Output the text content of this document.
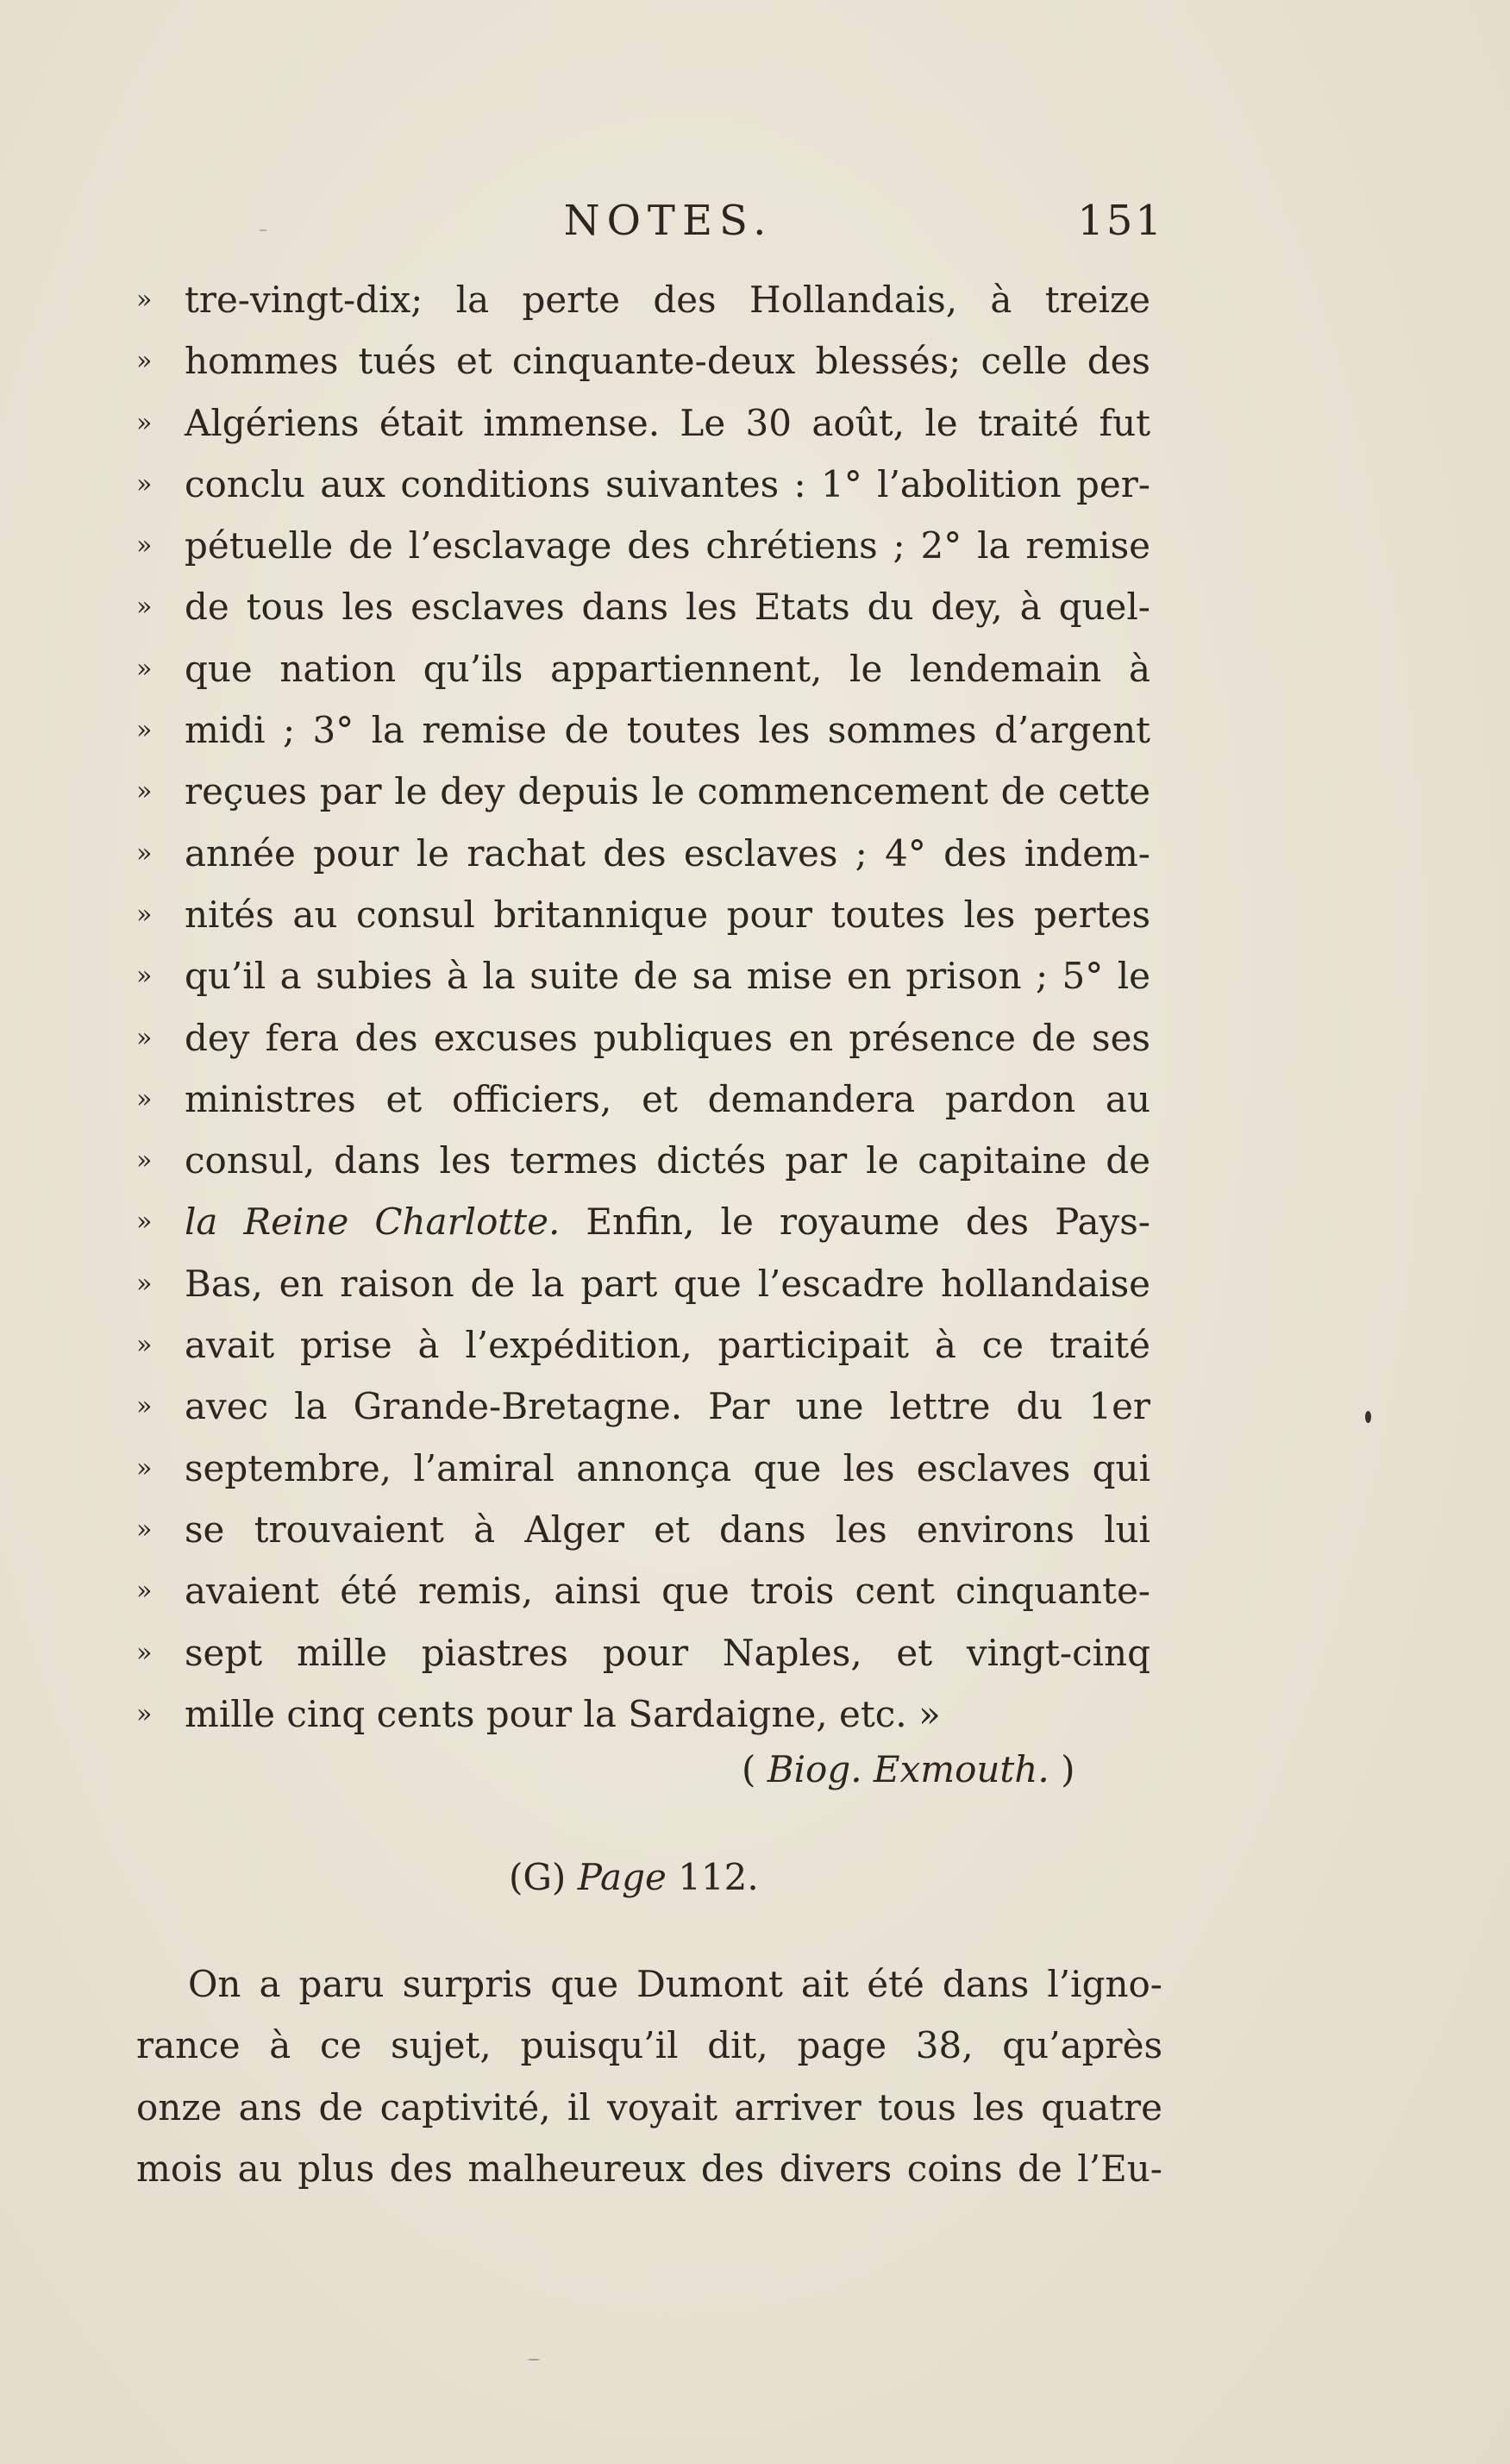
NOTES.	151
» tre-vingt-dix; la perte des Hollandais, à treize
» hommes tués et cinquante-deux blessés; celle des
» Algériens était immense. Le 30 août, le traité fut
» conclu aux conditions suivantes : 1° l’abolition per-
» pétuelle de l’esclavage des chrétiens ; 2° la remise
» de tous les esclaves dans les Etats du dey, à quel-
» que nation qu’ils appartiennent, le lendemain à
» midi ; 3° la remise de toutes les sommes d’argent
» reçues par le dey depuis le commencement de cette
» année pour le rachat des esclaves ; 4° des indem-
» nités au consul britannique pour toutes les pertes
» qu’il a subies à la suite de sa mise en prison ; 5° le
» dey fera des excuses publiques en présence de ses
» ministres et officiers, et demandera pardon au
» consul, dans les termes dictés par le capitaine de
» la Reine Charlotte. Enfin, le royaume des Pays-
» Bas, en raison de la part que l’escadre hollandaise
» avait prise à l’expédition, participait à ce traité
» avec la Grande-Bretagne. Par une lettre du 1er
» septembre, l’amiral annonça que les esclaves qui
» se trouvaient à Alger et dans les environs lui
» avaient été remis, ainsi que trois cent cinquante-
» sept mille piastres pour Naples, et vingt-cinq
» mille cinq cents pour la Sardaigne, etc. »
( Biog. Exmouth. )
(G) Page 112.
On a paru surpris que Dumont ait été dans l’igno-
rance à ce sujet, puisqu’il dit, page 38, qu’après
onze ans de captivité, il voyait arriver tous les quatre
mois au plus des malheureux des divers coins de l’Eu-
